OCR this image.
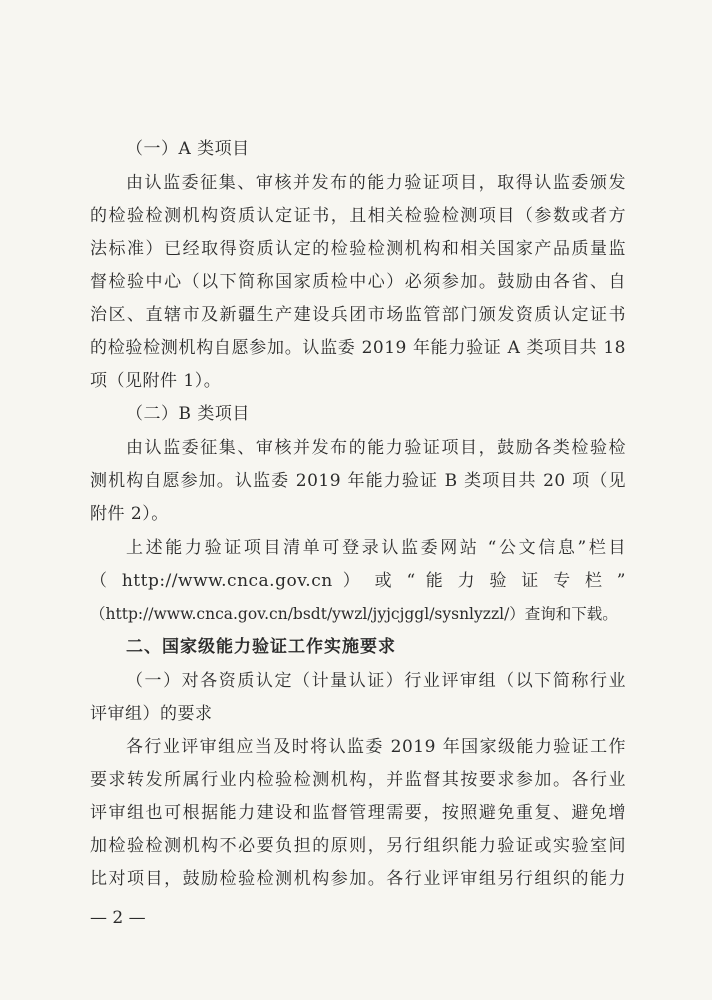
（一）A 类项目
由认监委征集、审核并发布的能力验证项目，取得认监委颁发
的检验检测机构资质认定证书，且相关检验检测项目（参数或者方
法标准）已经取得资质认定的检验检测机构和相关国家产品质量监
督检验中心（以下简称国家质检中心）必须参加。鼓励由各省、自
治区、直辖市及新疆生产建设兵团市场监管部门颁发资质认定证书
的检验检测机构自愿参加。认监委 2019 年能力验证 A 类项目共 18
项（见附件 1）。
（二）B 类项目
由认监委征集、审核并发布的能力验证项目，鼓励各类检验检
测机构自愿参加。认监委 2019 年能力验证 B 类项目共 20 项（见
附件 2）。
上述能力验证项目清单可登录认监委网站 “公文信息”栏目
（ http://www.cnca.gov.cn ） 或 “ 能 力 验 证 专 栏 ”
（http://www.cnca.gov.cn/bsdt/ywzl/jyjcjggl/sysnlyzzl/）查询和下载。
二、国家级能力验证工作实施要求
（一）对各资质认定（计量认证）行业评审组（以下简称行业
评审组）的要求
各行业评审组应当及时将认监委 2019 年国家级能力验证工作
要求转发所属行业内检验检测机构，并监督其按要求参加。各行业
评审组也可根据能力建设和监督管理需要，按照避免重复、避免增
加检验检测机构不必要负担的原则，另行组织能力验证或实验室间
比对项目，鼓励检验检测机构参加。各行业评审组另行组织的能力
— 2 —
